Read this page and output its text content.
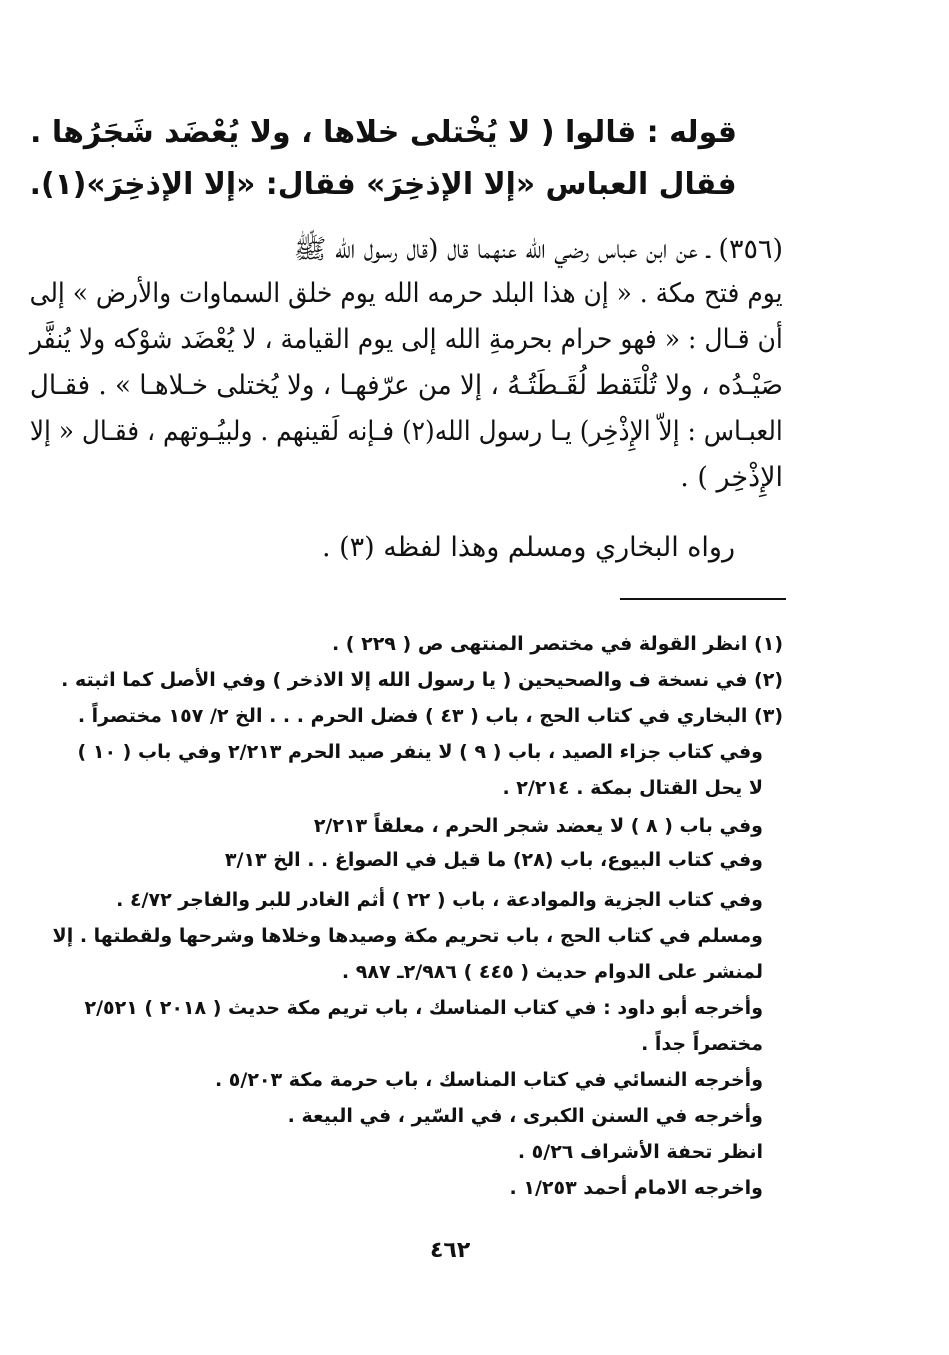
قوله : قالوا ( لا يُخْتلى خلاها ، ولا يُعْضَد شَجَرُها .
فقال العباس «إلا الإذخِرَ» فقال: «إلا الإذخِرَ»(١).
(٣٥٦) ـ عن ابن عباس رضي الله عنهما قال (قال رسول الله ﷺ
يوم فتح مكة . « إن هذا البلد حرمه الله يوم خلق السماوات والأرض » إلى
أن قـال : « فهو حرام بحرمةِ الله إلى يوم القيامة ، لا يُعْضَد شوْكه ولا يُنفَّر
صَيْـدُه ، ولا تُلْتَقط لُقَـطَتُـهُ ، إلا من عرّفهـا ، ولا يُختلى خـلاهـا » . فقـال
العبـاس : إلاّ الإِذْخِر) يـا رسول الله(٢) فـإنه لَقينهم . ولبيُـوتهم ، فقـال « إلا
الإِذْخِر ) .
رواه البخاري ومسلم وهذا لفظه (٣) .
(١) انظر القولة في مختصر المنتهى ص ( ٢٢٩ ) .
(٢) في نسخة ف والصحيحين ( يا رسول الله إلا الاذخر ) وفي الأصل كما اثبته .
(٣) البخاري في كتاب الحج ، باب ( ٤٣ ) فضل الحرم . . . الخ ٢/ ١٥٧ مختصراً .
وفي كتاب جزاء الصيد ، باب ( ٩ ) لا ينفر صيد الحرم ٢/٢١٣ وفي باب ( ١٠ )
لا يحل القتال بمكة . ٢/٢١٤ .
وفي باب ( ٨ ) لا يعضد شجر الحرم ، معلقاً ٢/٢١٣
وفي كتاب البيوع، باب (٢٨) ما قيل في الصواغ . . الخ ٣/١٣
وفي كتاب الجزية والموادعة ، باب ( ٢٢ ) أثم الغادر للبر والفاجر ٤/٧٢ .
ومسلم في كتاب الحج ، باب تحريم مكة وصيدها وخلاها وشرحها ولقطتها . إلا
لمنشر على الدوام حديث ( ٤٤٥ ) ٢/٩٨٦ـ ٩٨٧ .
وأخرجه أبو داود : في كتاب المناسك ، باب تريم مكة حديث ( ٢٠١٨ ) ٢/٥٢١
مختصراً جداً .
وأخرجه النسائي في كتاب المناسك ، باب حرمة مكة ٥/٢٠٣ .
وأخرجه في السنن الكبرى ، في السّير ، في البيعة .
انظر تحفة الأشراف ٥/٢٦ .
واخرجه الامام أحمد ١/٢٥٣ .
٤٦٢
